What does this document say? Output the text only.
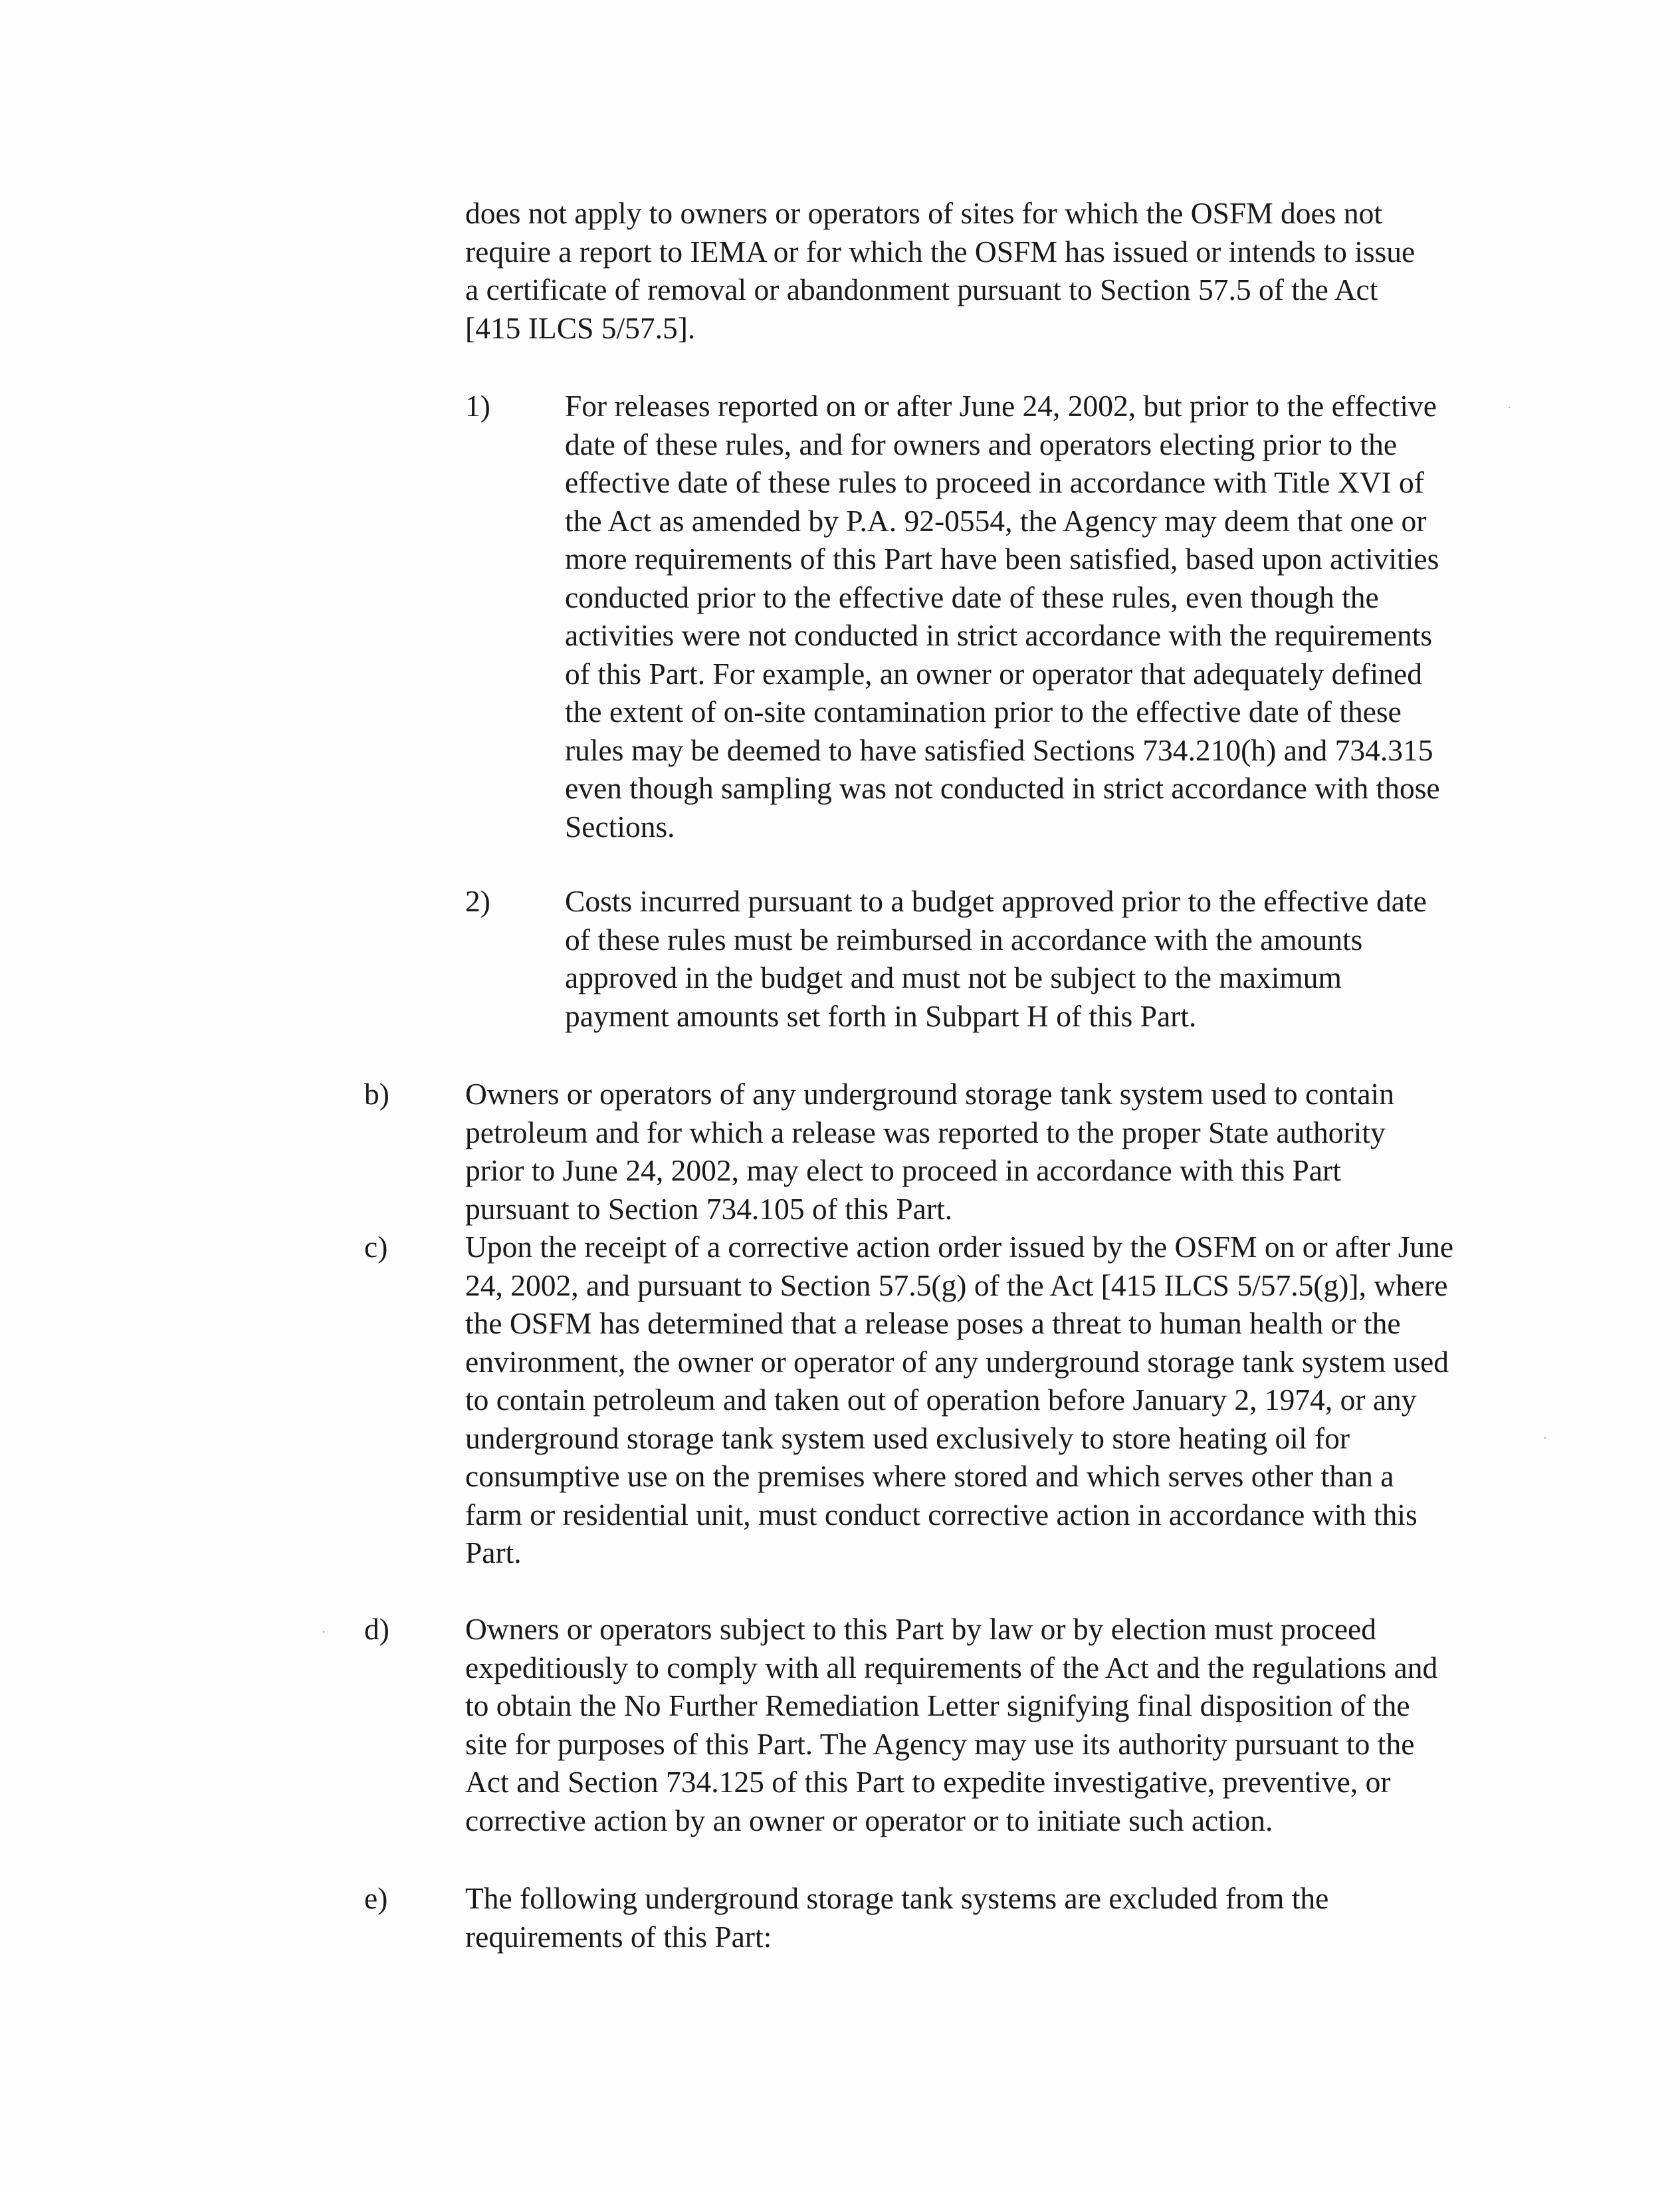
does not apply to owners or operators of sites for which the OSFM does not
require a report to IEMA or for which the OSFM has issued or intends to issue
a certificate of removal or abandonment pursuant to Section 57.5 of the Act
[415 ILCS 5/57.5].
1) For releases reported on or after June 24, 2002, but prior to the effective
date of these rules, and for owners and operators electing prior to the
effective date of these rules to proceed in accordance with Title XVI of
the Act as amended by P.A. 92-0554, the Agency may deem that one or
more requirements of this Part have been satisfied, based upon activities
conducted prior to the effective date of these rules, even though the
activities were not conducted in strict accordance with the requirements
of this Part. For example, an owner or operator that adequately defined
the extent of on-site contamination prior to the effective date of these
rules may be deemed to have satisfied Sections 734.210(h) and 734.315
even though sampling was not conducted in strict accordance with those
Sections.
2) Costs incurred pursuant to a budget approved prior to the effective date
of these rules must be reimbursed in accordance with the amounts
approved in the budget and must not be subject to the maximum
payment amounts set forth in Subpart H of this Part.
b)	Owners or operators of any underground storage tank system used to contain
petroleum and for which a release was reported to the proper State authority
prior to June 24, 2002, may elect to proceed in accordance with this Part
pursuant to Section 734.105 of this Part.
c)	Upon the receipt of a corrective action order issued by the OSFM on or after June
24, 2002, and pursuant to Section 57.5(g) of the Act [415 ILCS 5/57.5(g)], where
the OSFM has determined that a release poses a threat to human health or the
environment, the owner or operator of any underground storage tank system used
to contain petroleum and taken out of operation before January 2, 1974, or any
underground storage tank system used exclusively to store heating oil for
consumptive use on the premises where stored and which serves other than a
farm or residential unit, must conduct corrective action in accordance with this
Part.
d)	Owners or operators subject to this Part by law or by election must proceed
expeditiously to comply with all requirements of the Act and the regulations and
to obtain the No Further Remediation Letter signifying final disposition of the
site for purposes of this Part. The Agency may use its authority pursuant to the
Act and Section 734.125 of this Part to expedite investigative, preventive, or
corrective action by an owner or operator or to initiate such action.
e)	The following underground storage tank systems are excluded from the
requirements of this Part:
·
·
·
